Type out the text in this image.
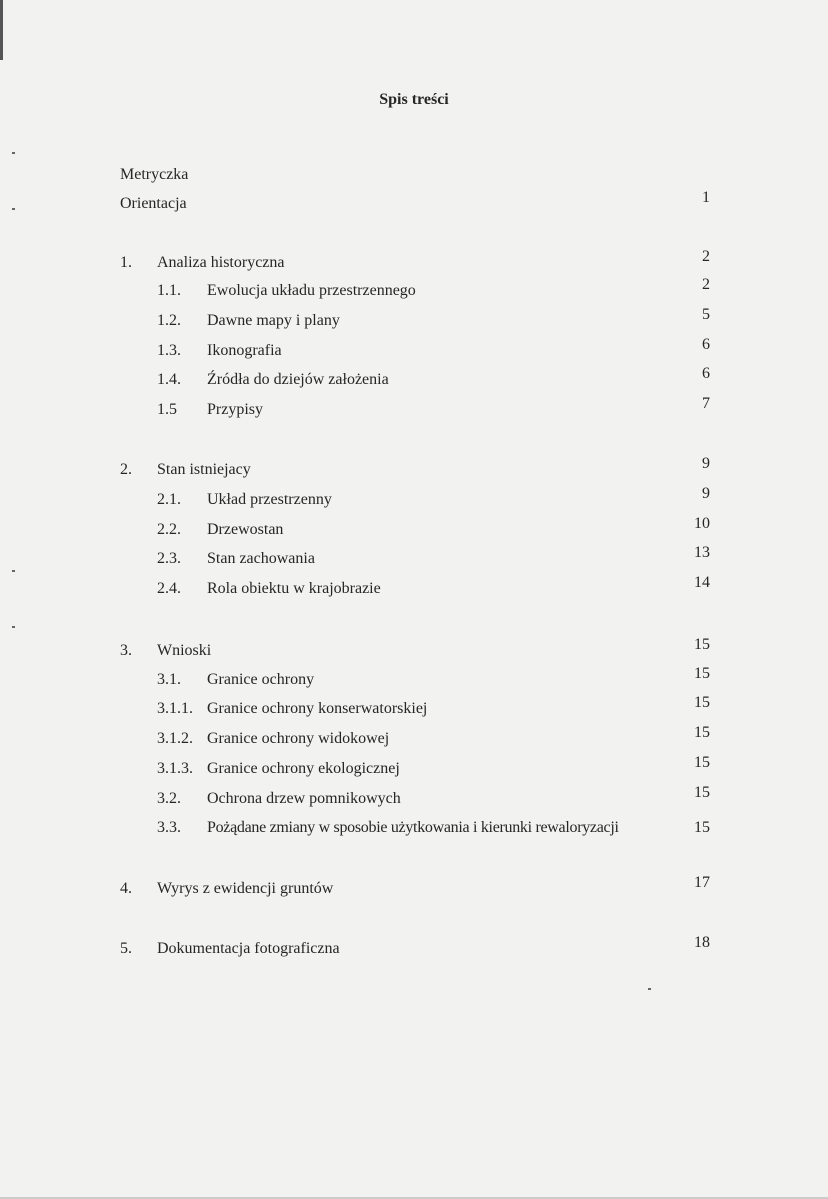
Spis treści
Metryczka
Orientacja	1
1. Analiza historyczna	2
1.1. Ewolucja układu przestrzennego	2
1.2. Dawne mapy i plany	5
1.3. Ikonografia	6
1.4. Źródła do dziejów założenia	6
1.5 Przypisy	7
2. Stan istniejacy	9
2.1. Układ przestrzenny	9
2.2. Drzewostan	10
2.3. Stan zachowania	13
2.4. Rola obiektu w krajobrazie	14
3. Wnioski	15
3.1. Granice ochrony	15
3.1.1. Granice ochrony konserwatorskiej	15
3.1.2. Granice ochrony widokowej	15
3.1.3. Granice ochrony ekologicznej	15
3.2. Ochrona drzew pomnikowych	15
3.3. Pożądane zmiany w sposobie użytkowania i kierunki rewaloryzacji	15
4. Wyrys z ewidencji gruntów	17
5. Dokumentacja fotograficzna	18
